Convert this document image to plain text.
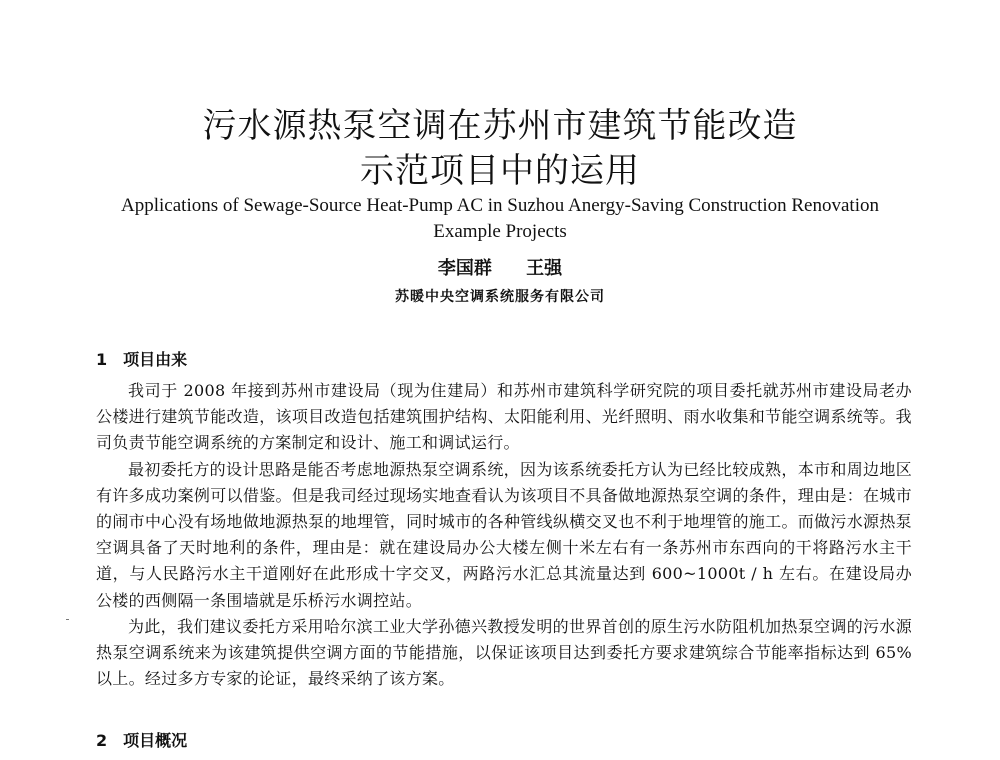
污水源热泵空调在苏州市建筑节能改造
示范项目中的运用
Applications of Sewage-Source Heat-Pump AC in Suzhou Anergy-Saving Construction Renovation
Example Projects
李国群 王强
苏暖中央空调系统服务有限公司
1 项目由来

我司于 2008 年接到苏州市建设局（现为住建局）和苏州市建筑科学研究院的项目委托就苏州市建设局老办公楼进行建筑节能改造，该项目改造包括建筑围护结构、太阳能利用、光纤照明、雨水收集和节能空调系统等。我司负责节能空调系统的方案制定和设计、施工和调试运行。

最初委托方的设计思路是能否考虑地源热泵空调系统，因为该系统委托方认为已经比较成熟，本市和周边地区有许多成功案例可以借鉴。但是我司经过现场实地查看认为该项目不具备做地源热泵空调的条件，理由是：在城市的闹市中心没有场地做地源热泵的地埋管，同时城市的各种管线纵横交叉也不利于地埋管的施工。而做污水源热泵空调具备了天时地利的条件，理由是：就在建设局办公大楼左侧十米左右有一条苏州市东西向的干将路污水主干道，与人民路污水主干道刚好在此形成十字交叉，两路污水汇总其流量达到 600~1000t / h 左右。在建设局办公楼的西侧隔一条围墙就是乐桥污水调控站。

为此，我们建议委托方采用哈尔滨工业大学孙德兴教授发明的世界首创的原生污水防阻机加热泵空调的污水源热泵空调系统来为该建筑提供空调方面的节能措施，以保证该项目达到委托方要求建筑综合节能率指标达到 65%以上。经过多方专家的论证，最终采纳了该方案。

2 项目概况
